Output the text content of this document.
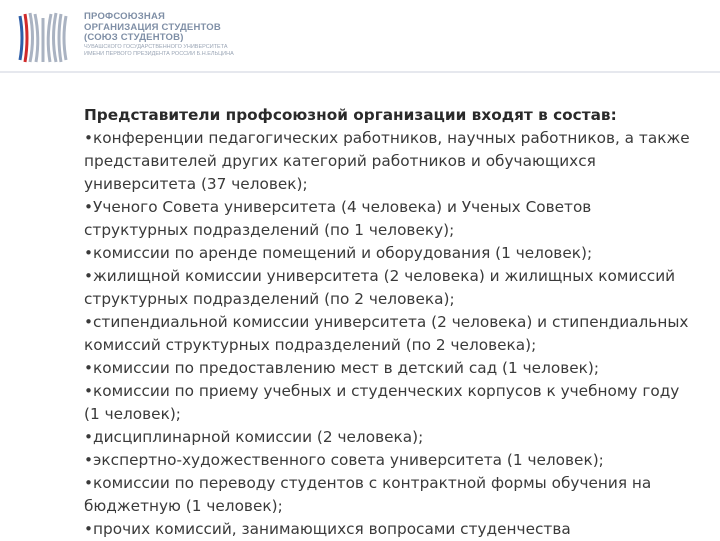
ПРОФСОЮЗНАЯ
ОРГАНИЗАЦИЯ СТУДЕНТОВ
(СОЮЗ СТУДЕНТОВ)
ЧУВАШСКОГО ГОСУДАРСТВЕННОГО УНИВЕРСИТЕТА
ИМЕНИ ПЕРВОГО ПРЕЗИДЕНТА РОССИИ Б.Н.ЕЛЬЦИНА
Представители профсоюзной организации входят в состав:
•конференции педагогических работников, научных работников, а также представителей других категорий работников и обучающихся университета (37 человек);
•Ученого Совета университета (4 человека) и Ученых Советов структурных подразделений (по 1 человеку);
•комиссии по аренде помещений и оборудования (1 человек);
•жилищной комиссии университета (2 человека) и жилищных комиссий структурных подразделений (по 2 человека);
•стипендиальной комиссии университета (2 человека) и стипендиальных комиссий структурных подразделений (по 2 человека);
•комиссии по предоставлению мест в детский сад (1 человек);
•комиссии по приему учебных и студенческих корпусов к учебному году (1 человек);
•дисциплинарной комиссии (2 человека);
•экспертно-художественного совета университета (1 человек);
•комиссии по переводу студентов с контрактной формы обучения на бюджетную (1 человек);
•прочих комиссий, занимающихся вопросами студенчества
